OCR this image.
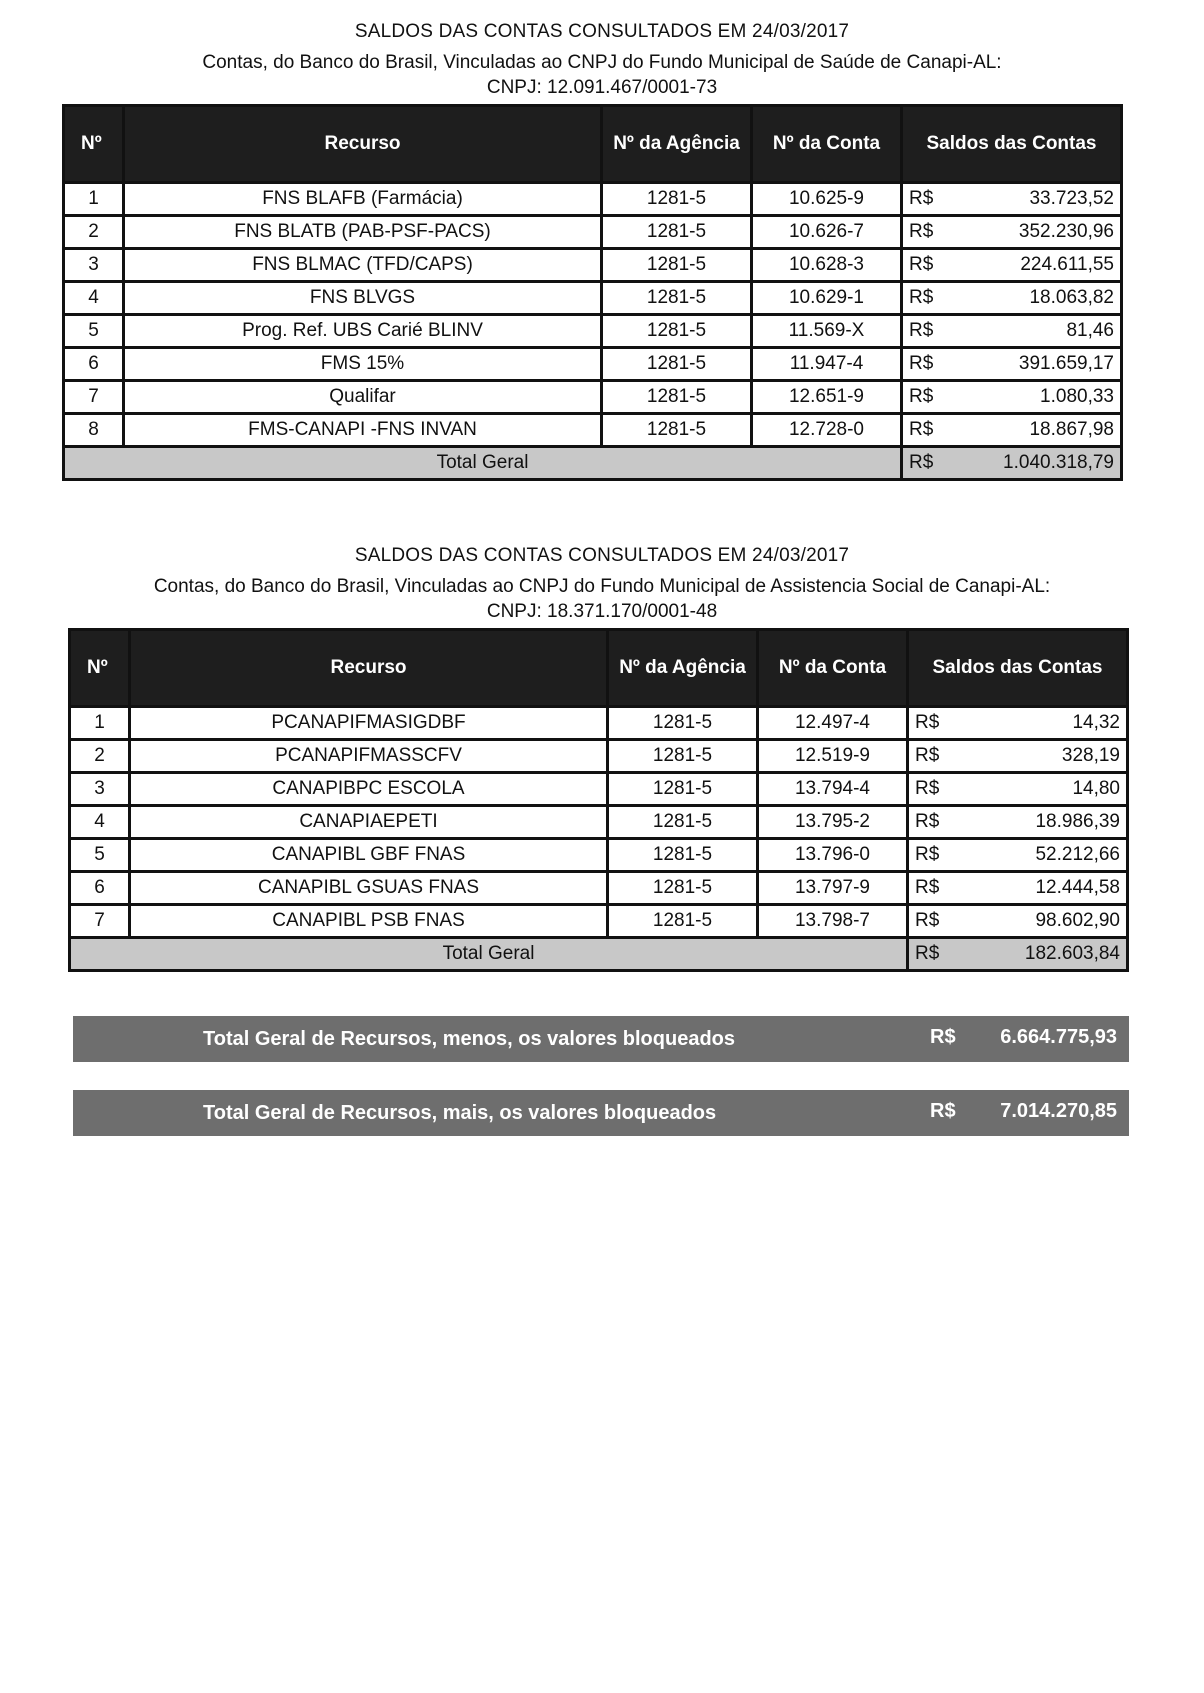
SALDOS DAS CONTAS CONSULTADOS EM 24/03/2017
Contas, do Banco do Brasil, Vinculadas ao CNPJ do Fundo Municipal de Saúde de Canapi-AL:
CNPJ: 12.091.467/0001-73
Nº	Recurso	Nº da Agência	Nº da Conta	Saldos das Contas
1	FNS BLAFB (Farmácia)	1281-5	10.625-9	R$ 33.723,52

2	FNS BLATB (PAB-PSF-PACS)	1281-5	10.626-7	R$ 352.230,96

3	FNS BLMAC (TFD/CAPS)	1281-5	10.628-3	R$ 224.611,55

4	FNS BLVGS	1281-5	10.629-1	R$ 18.063,82

5	Prog. Ref. UBS Carié BLINV	1281-5	11.569-X	R$ 81,46

6	FMS 15%	1281-5	11.947-4	R$ 391.659,17

7	Qualifar	1281-5	12.651-9	R$ 1.080,33

8	FMS-CANAPI -FNS INVAN	1281-5	12.728-0	R$ 18.867,98

Total Geral				R$ 1.040.318,79
SALDOS DAS CONTAS CONSULTADOS EM 24/03/2017
Contas, do Banco do Brasil, Vinculadas ao CNPJ do Fundo Municipal de Assistencia Social de Canapi-AL:
CNPJ: 18.371.170/0001-48
Nº	Recurso	Nº da Agência	Nº da Conta	Saldos das Contas
1	PCANAPIFMASIGDBF	1281-5	12.497-4	R$ 14,32

2	PCANAPIFMASSCFV	1281-5	12.519-9	R$ 328,19

3	CANAPIBPC ESCOLA	1281-5	13.794-4	R$ 14,80

4	CANAPIAEPETI	1281-5	13.795-2	R$ 18.986,39

5	CANAPIBL GBF FNAS	1281-5	13.796-0	R$ 52.212,66

6	CANAPIBL GSUAS FNAS	1281-5	13.797-9	R$ 12.444,58

7	CANAPIBL PSB FNAS	1281-5	13.798-7	R$ 98.602,90

Total Geral				R$ 182.603,84
Total Geral de Recursos, menos, os valores bloqueados	R$ 6.664.775,93
Total Geral de Recursos, mais, os valores bloqueados	R$ 7.014.270,85
